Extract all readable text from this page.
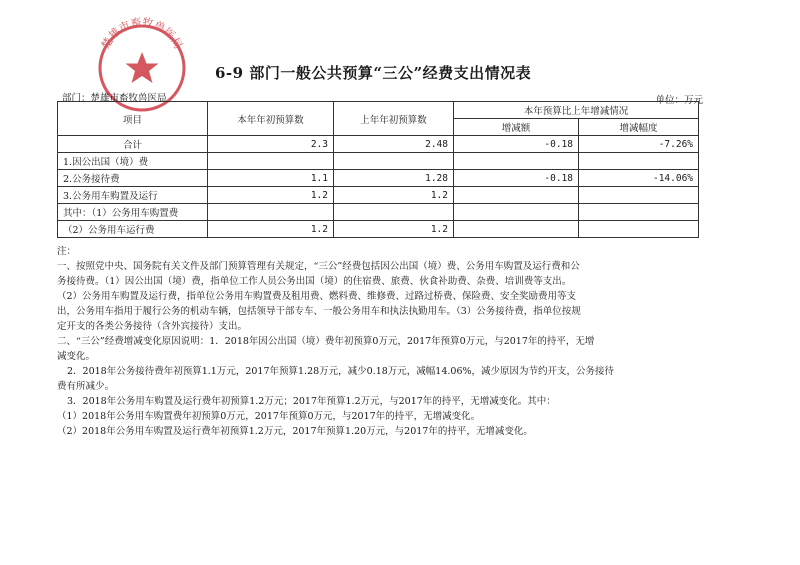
楚雄市畜牧兽医局
6-9 部门一般公共预算“三公”经费支出情况表
部门：楚雄市畜牧兽医局	单位：万元
项目	本年年初预算数	上年年初预算数	本年预算比上年增减情况	
			增减额	增减幅度
合计	2.3	2.48	-0.18	-7.26%
1.因公出国（境）费				
2.公务接待费	1.1	1.28	-0.18	-14.06%
3.公务用车购置及运行	1.2	1.2		
其中：（1）公务用车购置费				
（2）公务用车运行费	1.2	1.2		

注：

一、按照党中央、国务院有关文件及部门预算管理有关规定，“三公”经费包括因公出国（境）费、公务用车购置及运行费和公

务接待费。（1）因公出国（境）费，指单位工作人员公务出国（境）的住宿费、旅费、伙食补助费、杂费、培训费等支出。

（2）公务用车购置及运行费，指单位公务用车购置费及租用费、燃料费、维修费、过路过桥费、保险费、安全奖励费用等支

出，公务用车指用于履行公务的机动车辆，包括领导干部专车、一般公务用车和执法执勤用车。（3）公务接待费，指单位按规

定开支的各类公务接待（含外宾接待）支出。

二、“三公”经费增减变化原因说明：1．2018年因公出国（境）费年初预算0万元，2017年预算0万元，与2017年的持平，无增

减变化。

2．2018年公务接待费年初预算1.1万元，2017年预算1.28万元，减少0.18万元，减幅14.06%，减少原因为节约开支，公务接待

费有所减少。

3．2018年公务用车购置及运行费年初预算1.2万元；2017年预算1.2万元，与2017年的持平，无增减变化。其中：

（1）2018年公务用车购置费年初预算0万元，2017年预算0万元，与2017年的持平，无增减变化。

（2）2018年公务用车购置及运行费年初预算1.2万元，2017年预算1.20万元，与2017年的持平，无增减变化。
